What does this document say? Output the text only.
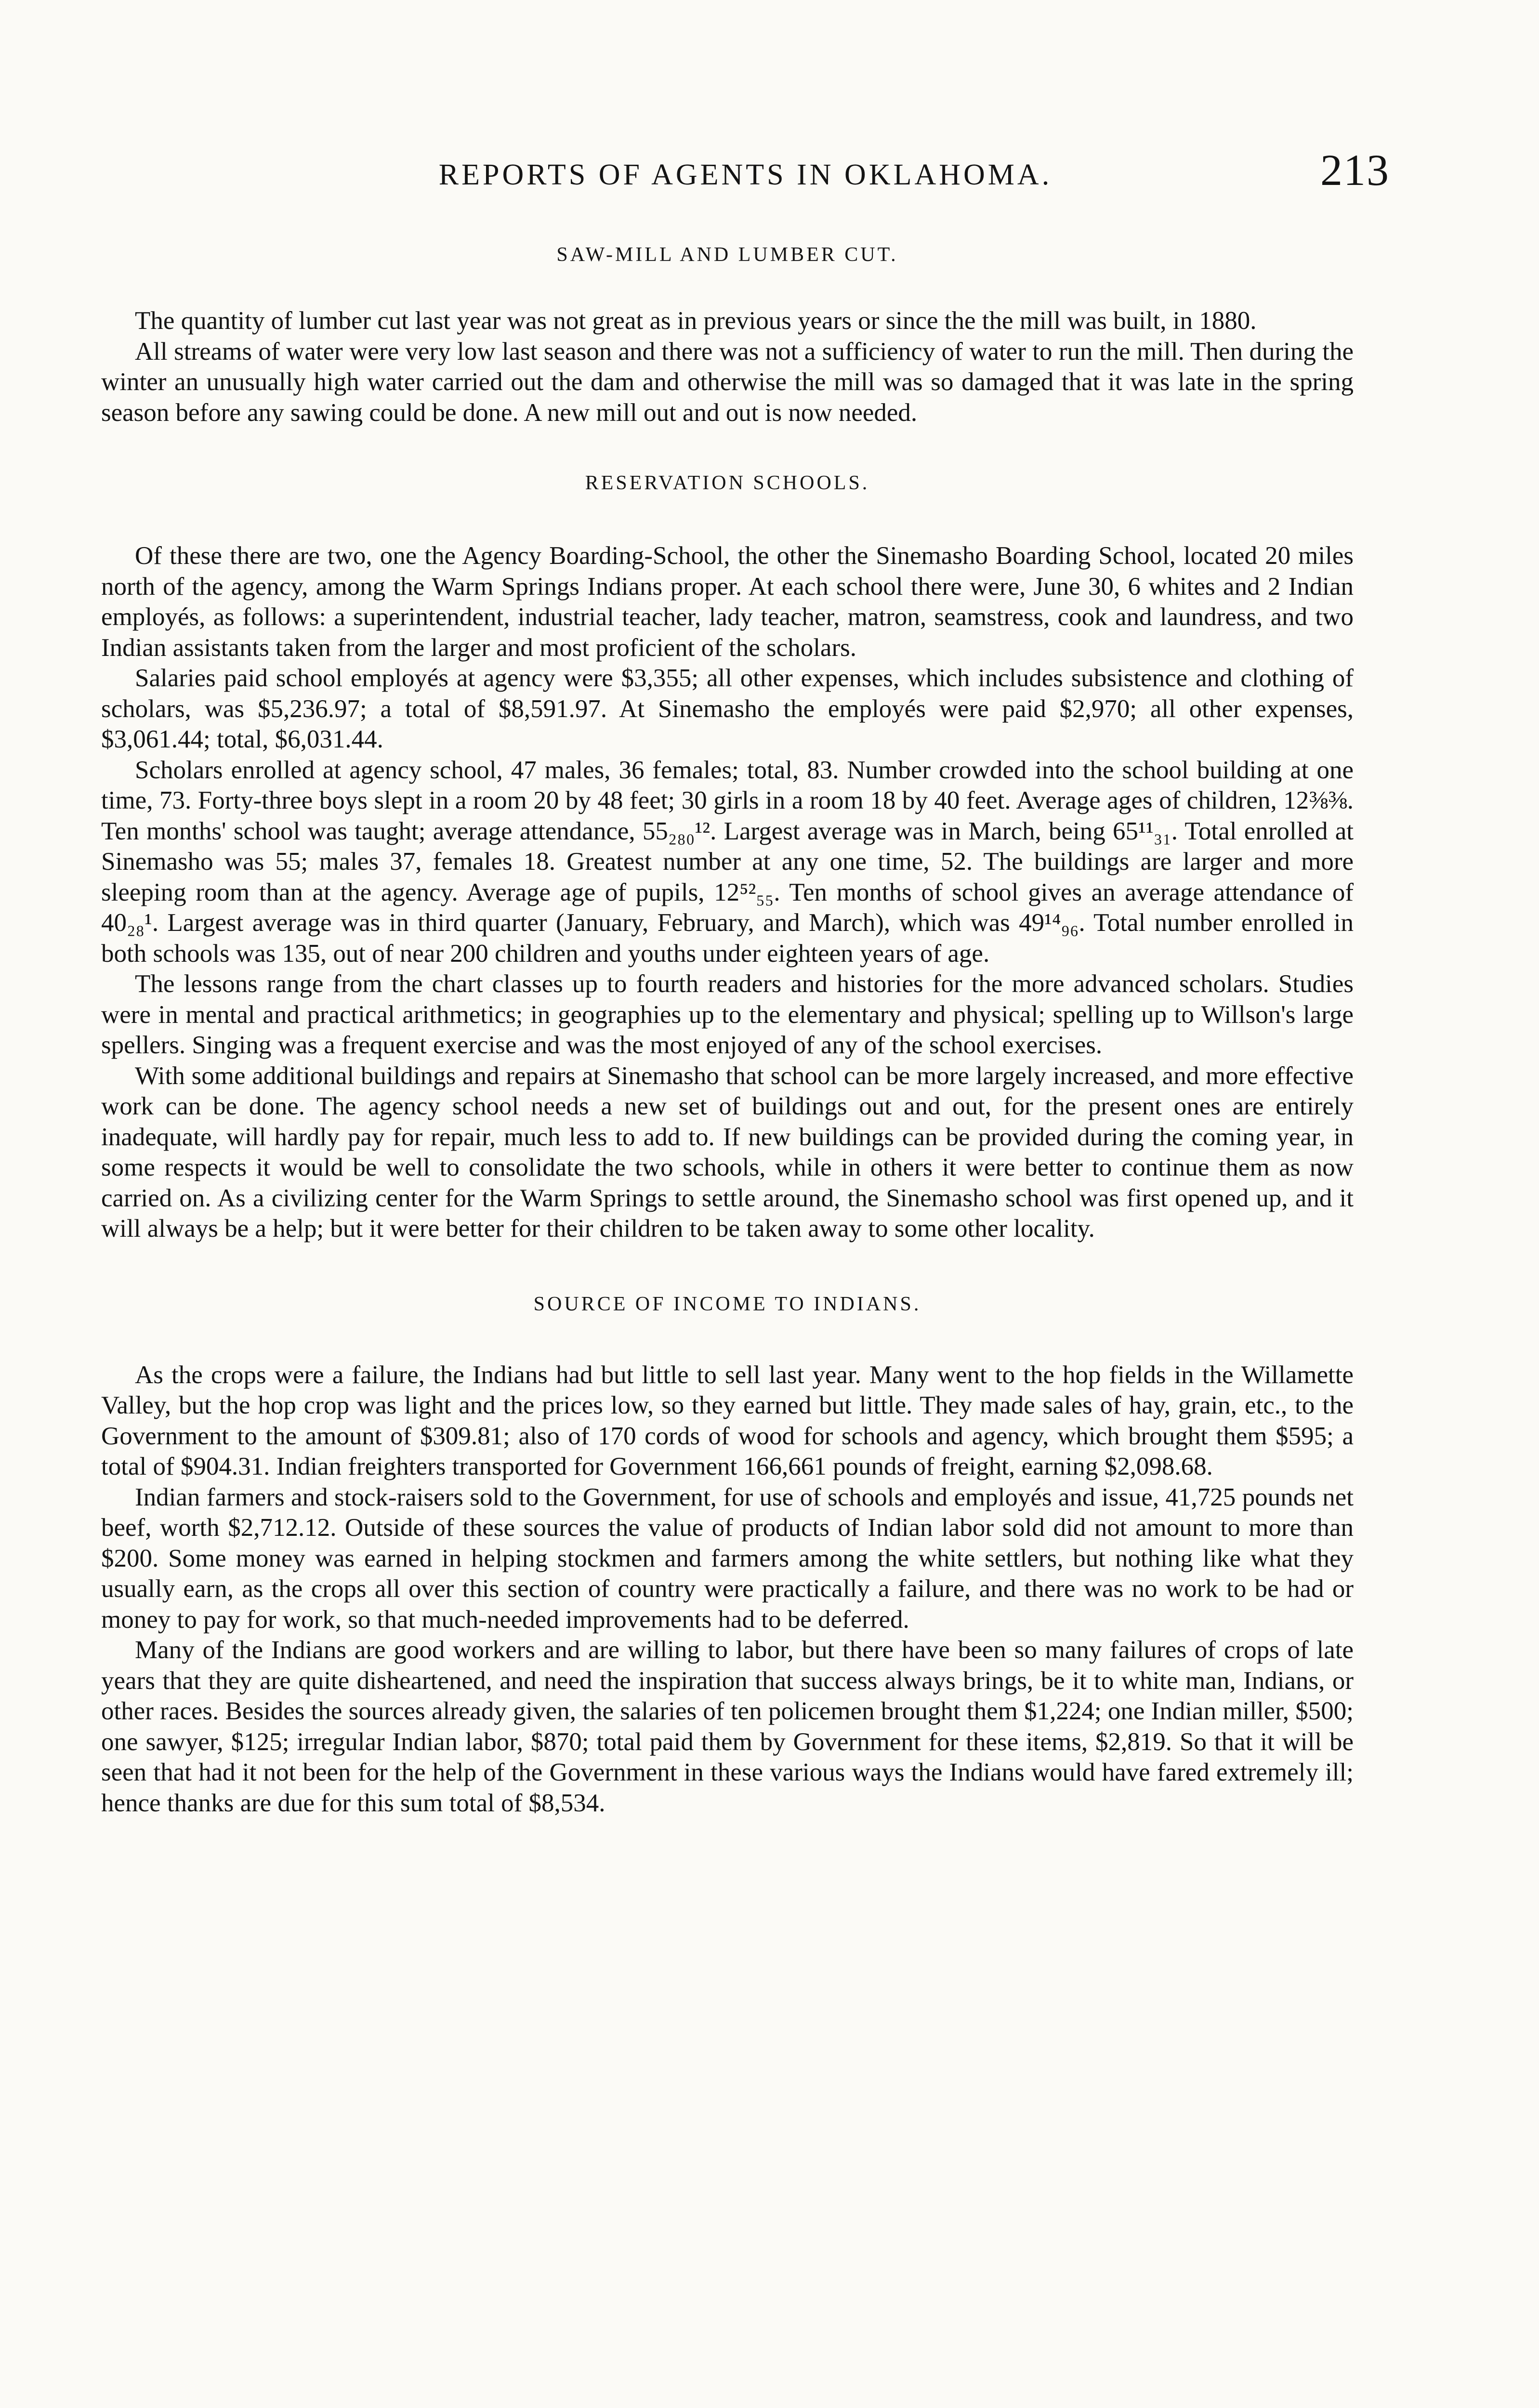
REPORTS OF AGENTS IN OKLAHOMA.	213
SAW-MILL AND LUMBER CUT.

The quantity of lumber cut last year was not great as in previous years or since the the mill was built, in 1880.

All streams of water were very low last season and there was not a sufficiency of water to run the mill. Then during the winter an unusually high water carried out the dam and otherwise the mill was so damaged that it was late in the spring season before any sawing could be done. A new mill out and out is now needed.

RESERVATION SCHOOLS.

Of these there are two, one the Agency Boarding-School, the other the Sinemasho Boarding School, located 20 miles north of the agency, among the Warm Springs Indians proper. At each school there were, June 30, 6 whites and 2 Indian employés, as follows: a superintendent, industrial teacher, lady teacher, matron, seamstress, cook and laundress, and two Indian assistants taken from the larger and most proficient of the scholars.

Salaries paid school employés at agency were $3,355; all other expenses, which includes subsistence and clothing of scholars, was $5,236.97; a total of $8,591.97. At Sinemasho the employés were paid $2,970; all other expenses, $3,061.44; total, $6,031.44.

Scholars enrolled at agency school, 47 males, 36 females; total, 83. Number crowded into the school building at one time, 73. Forty-three boys slept in a room 20 by 48 feet; 30 girls in a room 18 by 40 feet. Average ages of children, 12⅜⅜. Ten months' school was taught; average attendance, 55₂₈₀¹². Largest average was in March, being 65¹¹₃₁. Total enrolled at Sinemasho was 55; males 37, females 18. Greatest number at any one time, 52. The buildings are larger and more sleeping room than at the agency. Average age of pupils, 12⁵²₅₅. Ten months of school gives an average attendance of 40₂₈¹. Largest average was in third quarter (January, February, and March), which was 49¹⁴₉₆. Total number enrolled in both schools was 135, out of near 200 children and youths under eighteen years of age.

The lessons range from the chart classes up to fourth readers and histories for the more advanced scholars. Studies were in mental and practical arithmetics; in geographies up to the elementary and physical; spelling up to Willson's large spellers. Singing was a frequent exercise and was the most enjoyed of any of the school exercises.

With some additional buildings and repairs at Sinemasho that school can be more largely increased, and more effective work can be done. The agency school needs a new set of buildings out and out, for the present ones are entirely inadequate, will hardly pay for repair, much less to add to. If new buildings can be provided during the coming year, in some respects it would be well to consolidate the two schools, while in others it were better to continue them as now carried on. As a civilizing center for the Warm Springs to settle around, the Sinemasho school was first opened up, and it will always be a help; but it were better for their children to be taken away to some other locality.

SOURCE OF INCOME TO INDIANS.

As the crops were a failure, the Indians had but little to sell last year. Many went to the hop fields in the Willamette Valley, but the hop crop was light and the prices low, so they earned but little. They made sales of hay, grain, etc., to the Government to the amount of $309.81; also of 170 cords of wood for schools and agency, which brought them $595; a total of $904.31. Indian freighters transported for Government 166,661 pounds of freight, earning $2,098.68.

Indian farmers and stock-raisers sold to the Government, for use of schools and employés and issue, 41,725 pounds net beef, worth $2,712.12. Outside of these sources the value of products of Indian labor sold did not amount to more than $200. Some money was earned in helping stockmen and farmers among the white settlers, but nothing like what they usually earn, as the crops all over this section of country were practically a failure, and there was no work to be had or money to pay for work, so that much-needed improvements had to be deferred.

Many of the Indians are good workers and are willing to labor, but there have been so many failures of crops of late years that they are quite disheartened, and need the inspiration that success always brings, be it to white man, Indians, or other races. Besides the sources already given, the salaries of ten policemen brought them $1,224; one Indian miller, $500; one sawyer, $125; irregular Indian labor, $870; total paid them by Government for these items, $2,819. So that it will be seen that had it not been for the help of the Government in these various ways the Indians would have fared extremely ill; hence thanks are due for this sum total of $8,534.
